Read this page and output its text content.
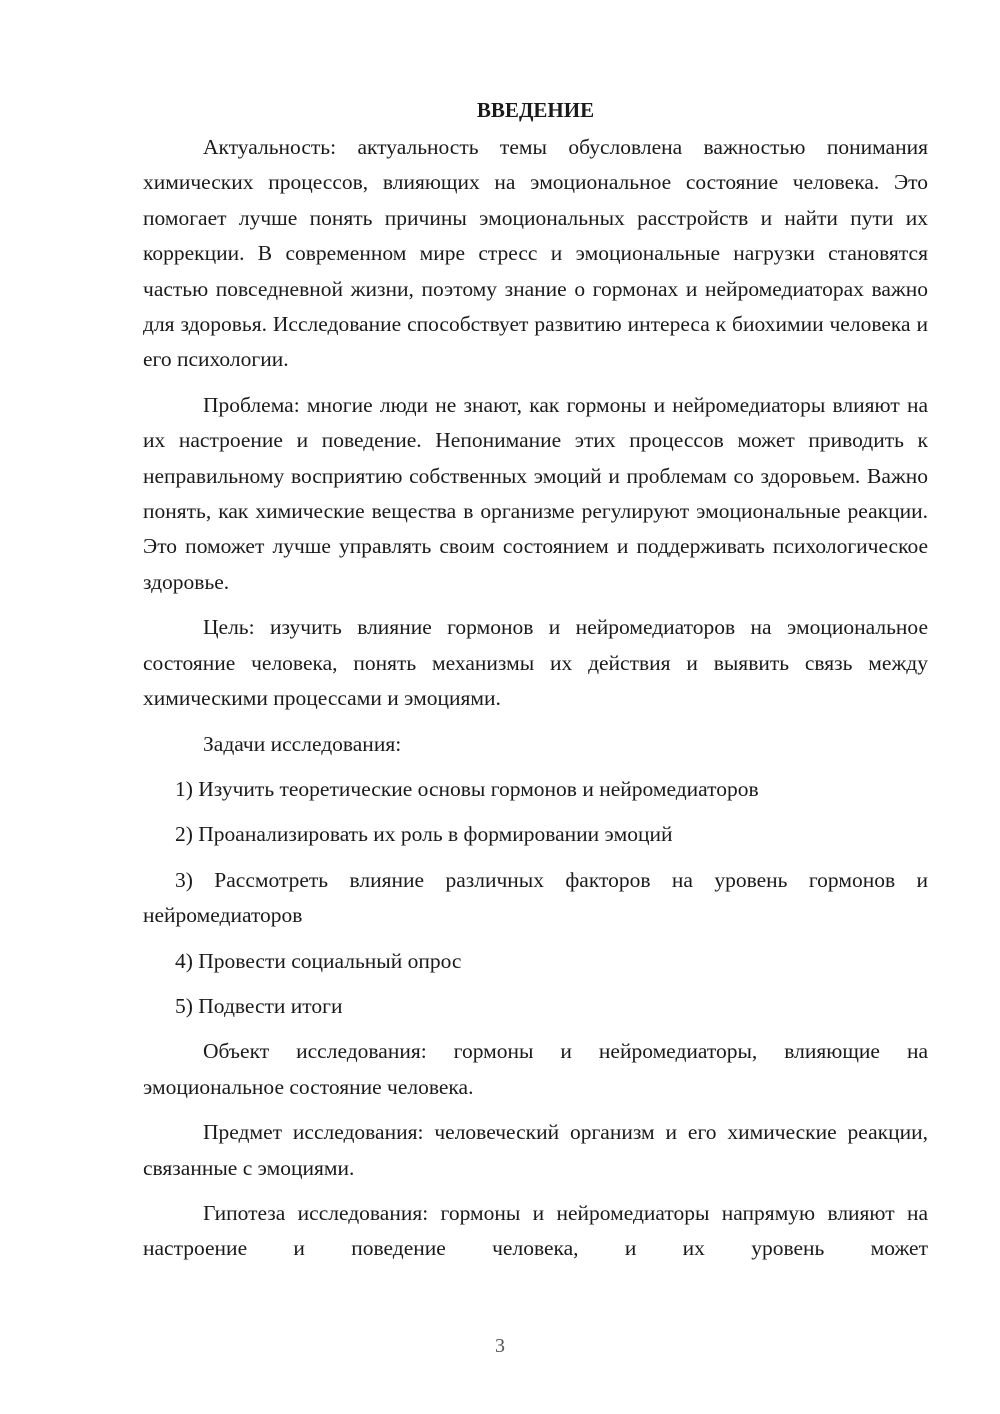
ВВЕДЕНИЕ

Актуальность: актуальность темы обусловлена важностью понимания химических процессов, влияющих на эмоциональное состояние человека. Это помогает лучше понять причины эмоциональных расстройств и найти пути их коррекции. В современном мире стресс и эмоциональные нагрузки становятся частью повседневной жизни, поэтому знание о гормонах и нейромедиаторах важно для здоровья. Исследование способствует развитию интереса к биохимии человека и его психологии.

Проблема: многие люди не знают, как гормоны и нейромедиаторы влияют на их настроение и поведение. Непонимание этих процессов может приводить к неправильному восприятию собственных эмоций и проблемам со здоровьем. Важно понять, как химические вещества в организме регулируют эмоциональные реакции. Это поможет лучше управлять своим состоянием и поддерживать психологическое здоровье.

Цель: изучить влияние гормонов и нейромедиаторов на эмоциональное состояние человека, понять механизмы их действия и выявить связь между химическими процессами и эмоциями.

Задачи исследования:

1) Изучить теоретические основы гормонов и нейромедиаторов

2) Проанализировать их роль в формировании эмоций

3) Рассмотреть влияние различных факторов на уровень гормонов и нейромедиаторов

4) Провести социальный опрос

5) Подвести итоги

Объект исследования: гормоны и нейромедиаторы, влияющие на эмоциональное состояние человека.

Предмет исследования: человеческий организм и его химические реакции, связанные с эмоциями.

Гипотеза исследования: гормоны и нейромедиаторы напрямую влияют на настроение и поведение человека, и их уровень может

3
